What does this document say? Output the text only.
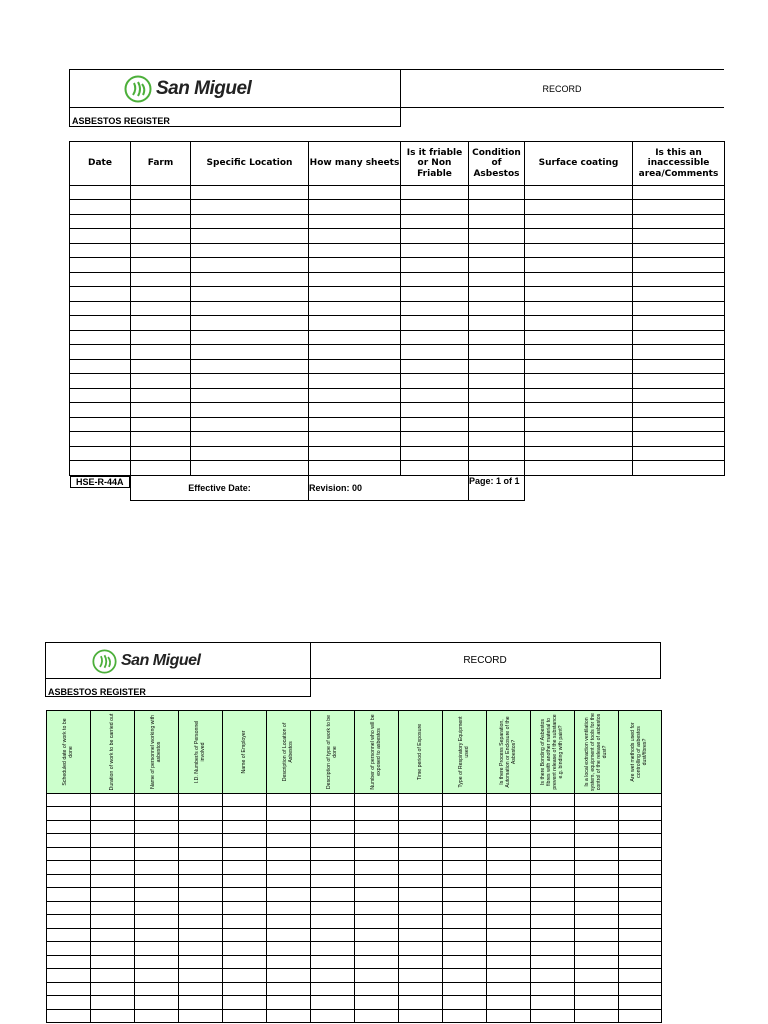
San Miguel	RECORD
ASBESTOS REGISTER
Date	Farm	Specific Location	How many sheets	Is it friable or Non Friable	Condition of Asbestos	Surface coating	Is this an inaccessible area/Comments

HSE-R-44A
Effective Date:		Revision: 00		Page: 1 of 1		
San Miguel	RECORD
ASBESTOS REGISTER
Scheduled date of work to be done	Duration of work to be carried out	Name of personnel working with asbestos	I.D. Number/s of Personnel involved	Name of Employer	Description of Location of Asbestos	Description of type of work to be done	Number of personnel who will be exposed to asbestos	Time period of Exposure	Type of Respiratory Equipment used	Is there Process Separation, Automation or Enclosure of the Asbestos?	Is there Bonding of Asbestos fibres with another material to prevent release of the substance e.g. binding with paint?	Is a local extraction ventilation system, equipment of tools for the control of the release of asbestos dust?	Are wet methods used for controlling of asbestos dust/fibres?
